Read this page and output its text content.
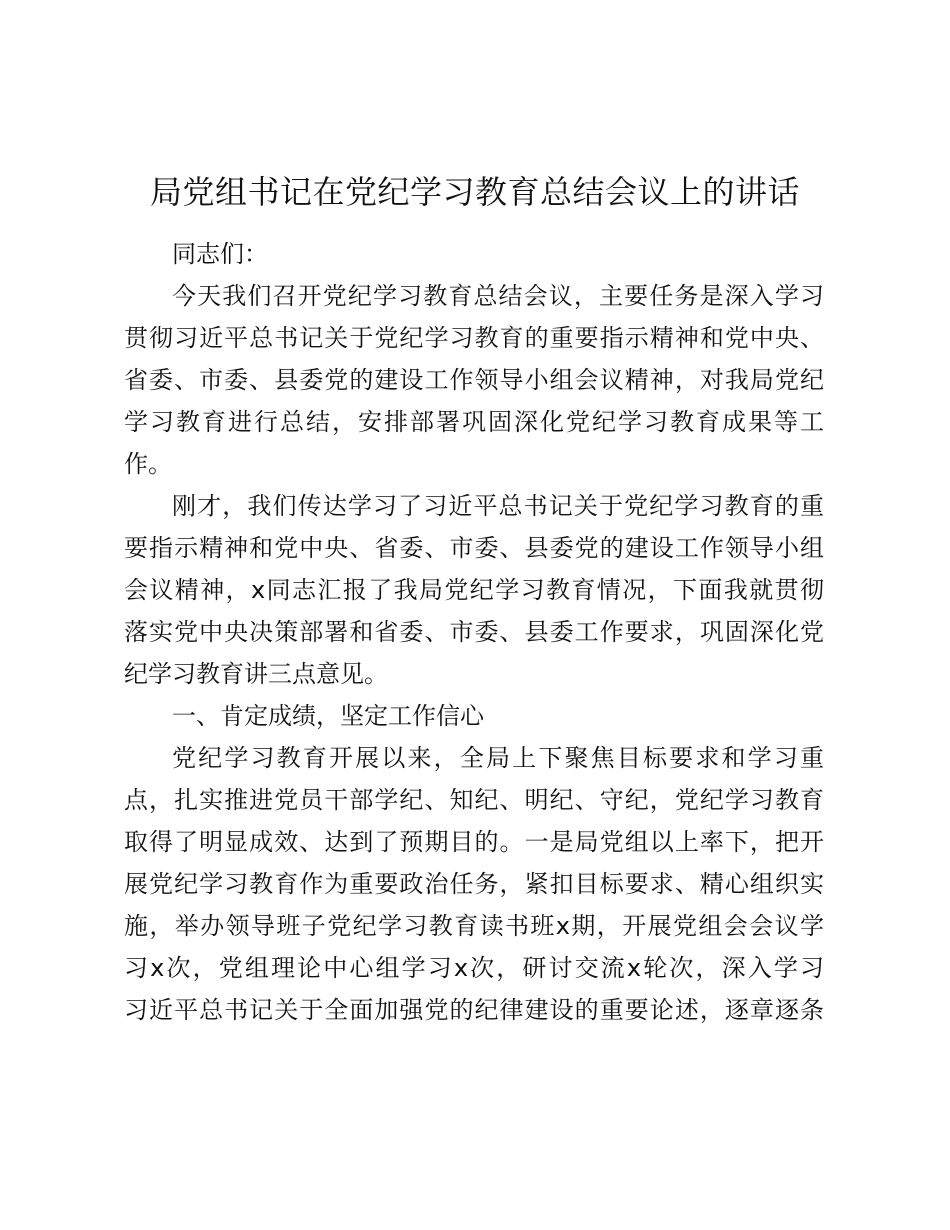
局党组书记在党纪学习教育总结会议上的讲话
同志们：
今天我们召开党纪学习教育总结会议，主要任务是深入学习
贯彻习近平总书记关于党纪学习教育的重要指示精神和党中央、
省委、市委、县委党的建设工作领导小组会议精神，对我局党纪
学习教育进行总结，安排部署巩固深化党纪学习教育成果等工
作。
刚才，我们传达学习了习近平总书记关于党纪学习教育的重
要指示精神和党中央、省委、市委、县委党的建设工作领导小组
会议精神，x同志汇报了我局党纪学习教育情况，下面我就贯彻
落实党中央决策部署和省委、市委、县委工作要求，巩固深化党
纪学习教育讲三点意见。
一、肯定成绩，坚定工作信心
党纪学习教育开展以来，全局上下聚焦目标要求和学习重
点，扎实推进党员干部学纪、知纪、明纪、守纪，党纪学习教育
取得了明显成效、达到了预期目的。一是局党组以上率下，把开
展党纪学习教育作为重要政治任务，紧扣目标要求、精心组织实
施，举办领导班子党纪学习教育读书班x期，开展党组会会议学
习x次，党组理论中心组学习x次，研讨交流x轮次，深入学习
习近平总书记关于全面加强党的纪律建设的重要论述，逐章逐条
